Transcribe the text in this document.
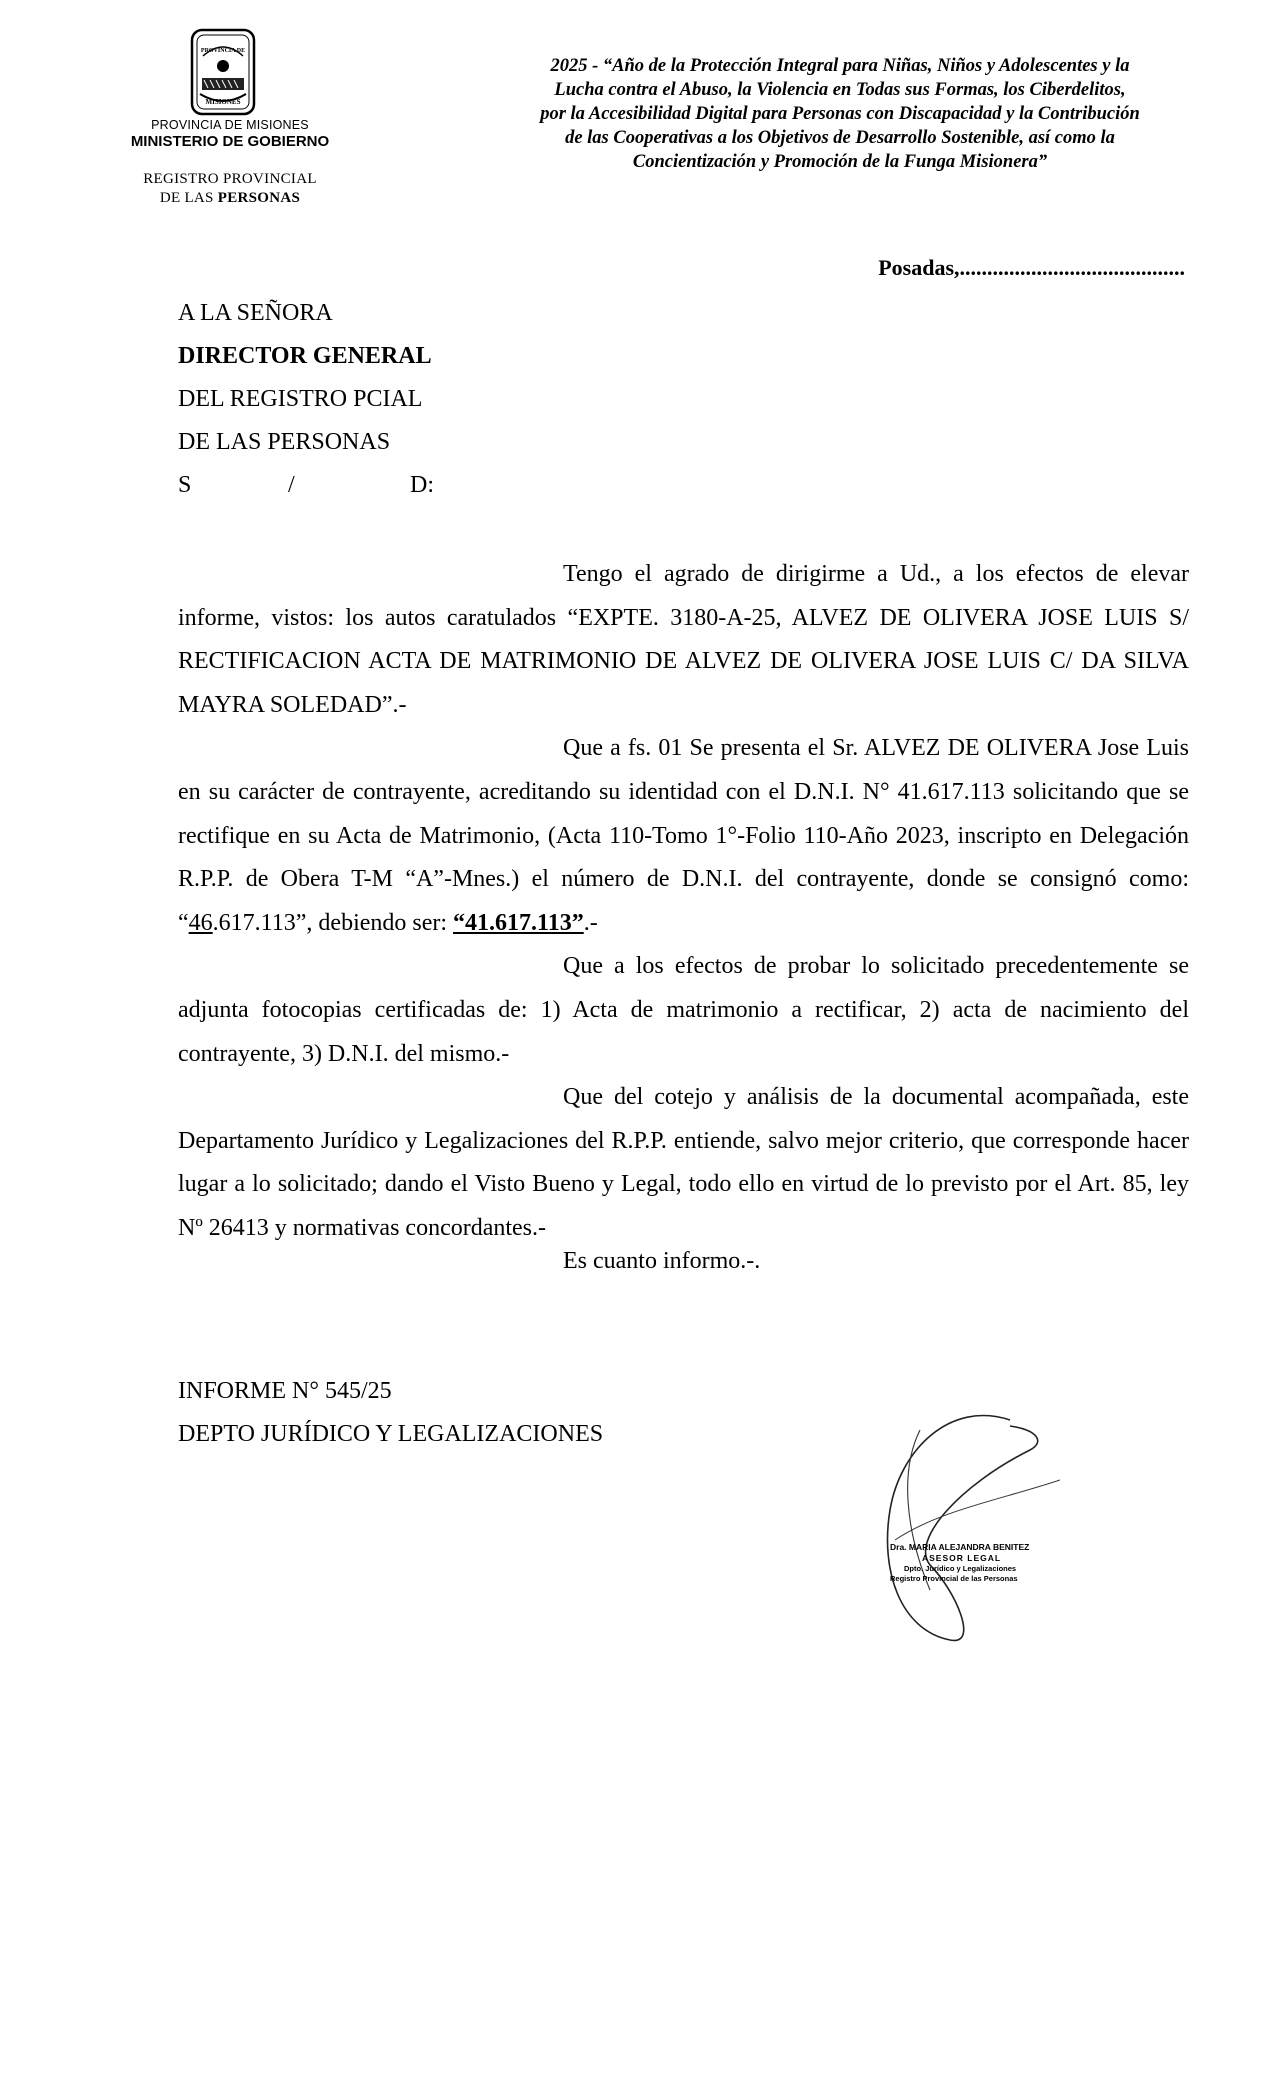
PROVINCIA DE
MISIONES
PROVINCIA DE MISIONES
MINISTERIO DE GOBIERNO
REGISTRO PROVINCIAL
DE LAS PERSONAS
2025 - “Año de la Protección Integral para Niñas, Niños y Adolescentes y la
Lucha contra el Abuso, la Violencia en Todas sus Formas, los Ciberdelitos,
por la Accesibilidad Digital para Personas con Discapacidad y la Contribución
de las Cooperativas a los Objetivos de Desarrollo Sostenible, así como la
Concientización y Promoción de la Funga Misionera”
Posadas,.........................................
A LA SEÑORA
DIRECTOR GENERAL
DEL REGISTRO PCIAL
DE LAS PERSONAS
S	/	D:

Tengo el agrado de dirigirme a Ud., a los efectos de elevar informe, vistos: los autos caratulados “EXPTE. 3180-A-25, ALVEZ DE OLIVERA JOSE LUIS S/ RECTIFICACION ACTA DE MATRIMONIO DE ALVEZ DE OLIVERA JOSE LUIS C/ DA SILVA MAYRA SOLEDAD”.-

Que a fs. 01 Se presenta el Sr. ALVEZ DE OLIVERA Jose Luis en su carácter de contrayente, acreditando su identidad con el D.N.I. N° 41.617.113 solicitando que se rectifique en su Acta de Matrimonio, (Acta 110-Tomo 1°-Folio 110-Año 2023, inscripto en Delegación R.P.P. de Obera T-M “A”-Mnes.) el número de D.N.I. del contrayente, donde se consignó como: “46.617.113”, debiendo ser: “41.617.113”.-

Que a los efectos de probar lo solicitado precedentemente se adjunta fotocopias certificadas de: 1) Acta de matrimonio a rectificar, 2) acta de nacimiento del contrayente, 3) D.N.I. del mismo.-

Que del cotejo y análisis de la documental acompañada, este Departamento Jurídico y Legalizaciones del R.P.P. entiende, salvo mejor criterio, que corresponde hacer lugar a lo solicitado; dando el Visto Bueno y Legal, todo ello en virtud de lo previsto por el Art. 85, ley Nº 26413 y normativas concordantes.-

Es cuanto informo.-.
INFORME N° 545/25
DEPTO JURÍDICO Y LEGALIZACIONES
Dra. MARIA ALEJANDRA BENITEZ
ASESOR LEGAL
Dpto. Jurídico y Legalizaciones
Registro Provincial de las Personas
